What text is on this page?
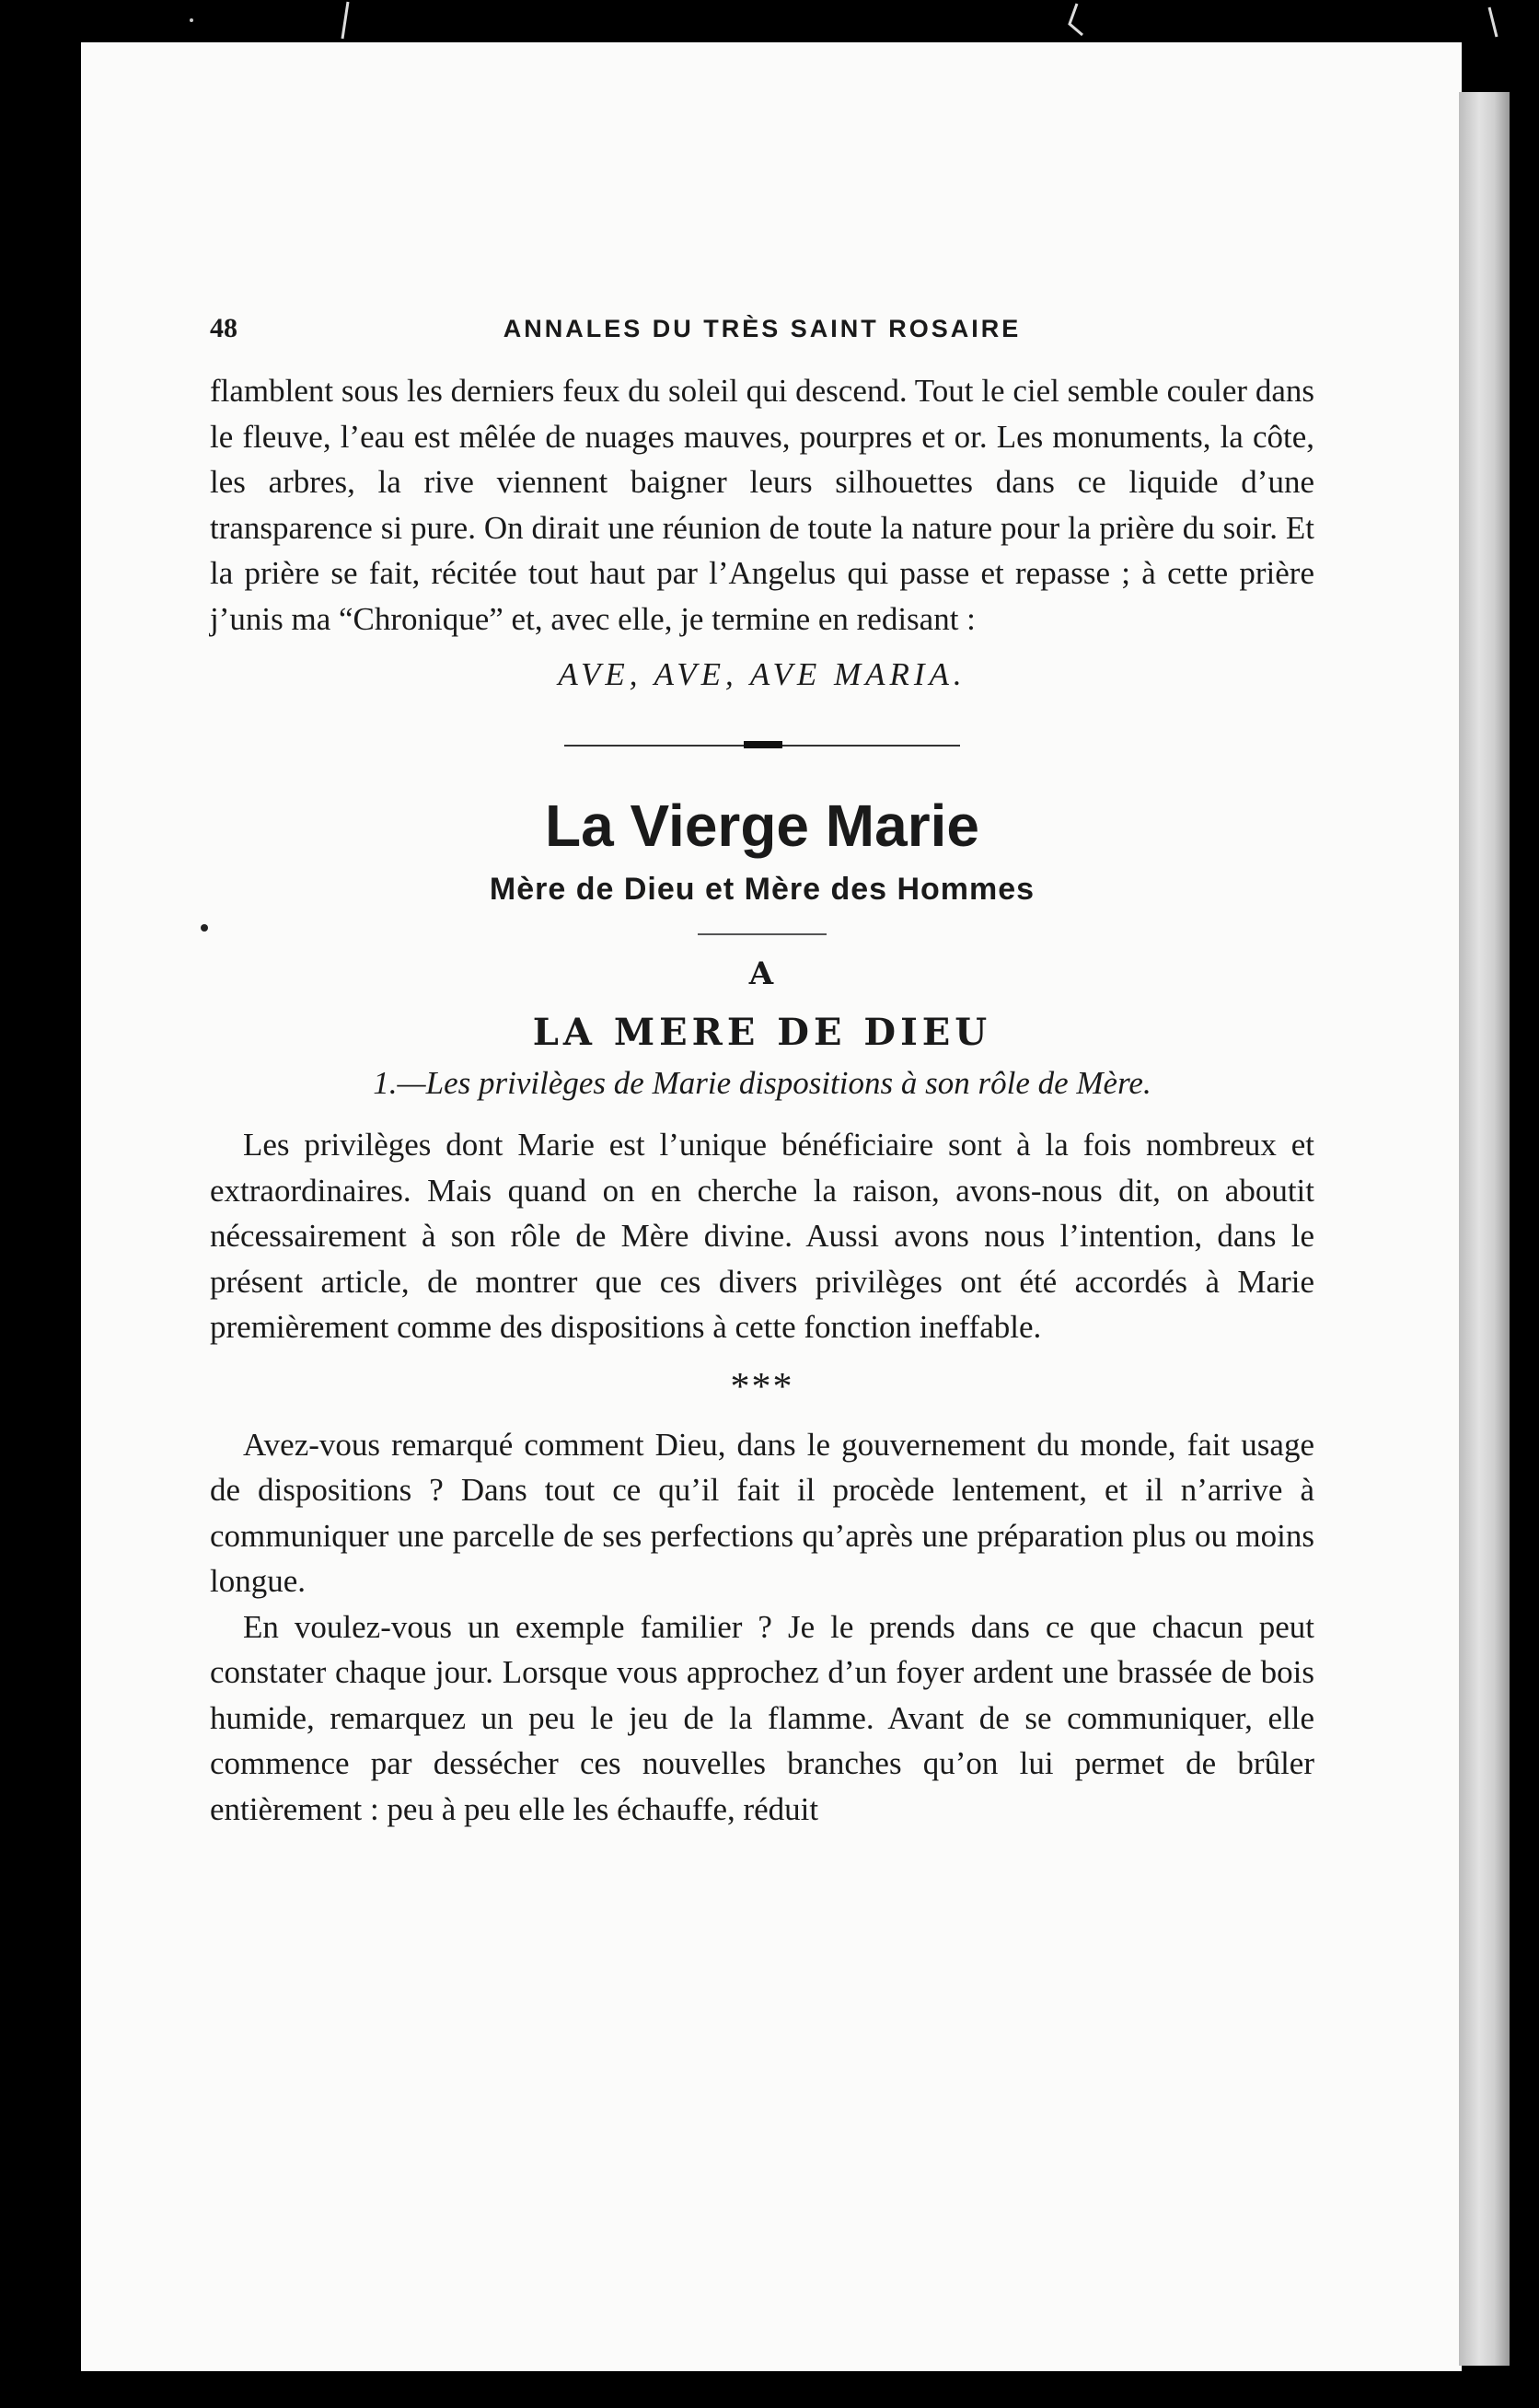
48	ANNALES DU TRÈS SAINT ROSAIRE

flamblent sous les derniers feux du soleil qui descend. Tout le ciel semble couler dans le fleuve, l’eau est mêlée de nuages mauves, pourpres et or. Les monuments, la côte, les arbres, la rive viennent baigner leurs silhouettes dans ce liquide d’une transparence si pure. On dirait une réunion de toute la nature pour la prière du soir. Et la prière se fait, récitée tout haut par l’Angelus qui passe et repasse ; à cette prière j’unis ma “Chronique” et, avec elle, je termine en redisant :

AVE, AVE, AVE MARIA.
La Vierge Marie
Mère de Dieu et Mère des Hommes
A
LA MERE DE DIEU
1.—Les privilèges de Marie dispositions à son rôle de Mère.

Les privilèges dont Marie est l’unique bénéficiaire sont à la fois nombreux et extraordinaires. Mais quand on en cherche la raison, avons-nous dit, on aboutit nécessairement à son rôle de Mère divine. Aussi avons nous l’intention, dans le présent article, de montrer que ces divers privilèges ont été accordés à Marie premièrement comme des dispositions à cette fonction ineffable.

***

Avez-vous remarqué comment Dieu, dans le gouvernement du monde, fait usage de dispositions ? Dans tout ce qu’il fait il procède lentement, et il n’arrive à communiquer une parcelle de ses perfections qu’après une préparation plus ou moins longue.

En voulez-vous un exemple familier ? Je le prends dans ce que chacun peut constater chaque jour. Lorsque vous approchez d’un foyer ardent une brassée de bois humide, remarquez un peu le jeu de la flamme. Avant de se communiquer, elle commence par dessécher ces nouvelles branches qu’on lui permet de brûler entièrement : peu à peu elle les échauffe, réduit
